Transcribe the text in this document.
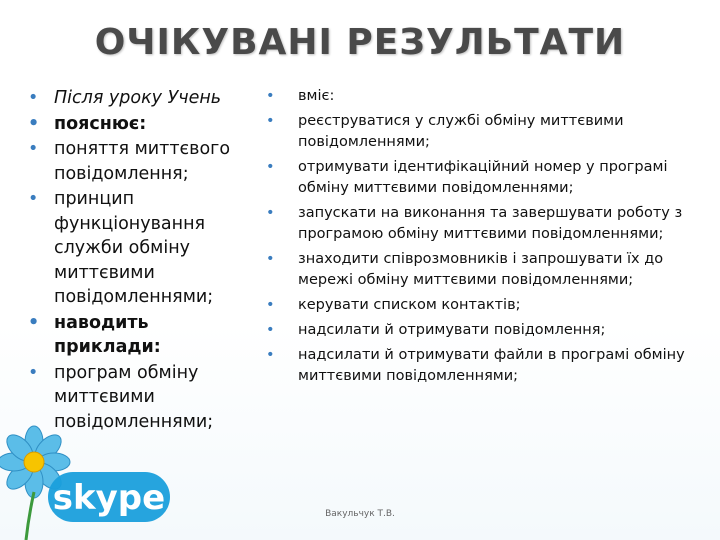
ОЧІКУВАНІ РЕЗУЛЬТАТИ
• Після уроку Учень
• пояснює:
• поняття миттєвого повідомлення;
• принцип функціонування служби обміну миттєвими повідомленнями;
• наводить приклади:
• програм обміну миттєвими повідомленнями;
• вміє:
• реєструватися у службі обміну миттєвими повідомленнями;
• отримувати ідентифікаційний номер у програмі обміну миттєвими повідомленнями;
• запускати на виконання та завершувати роботу з програмою обміну миттєвими повідомленнями;
• знаходити співрозмовників і запрошувати їх до мережі обміну миттєвими повідомленнями;
• керувати списком контактів;
• надсилати й отримувати повідомлення;
• надсилати й отримувати файли в програмі обміну миттєвими повідомленнями;
Вакульчук Т.В.
skype
